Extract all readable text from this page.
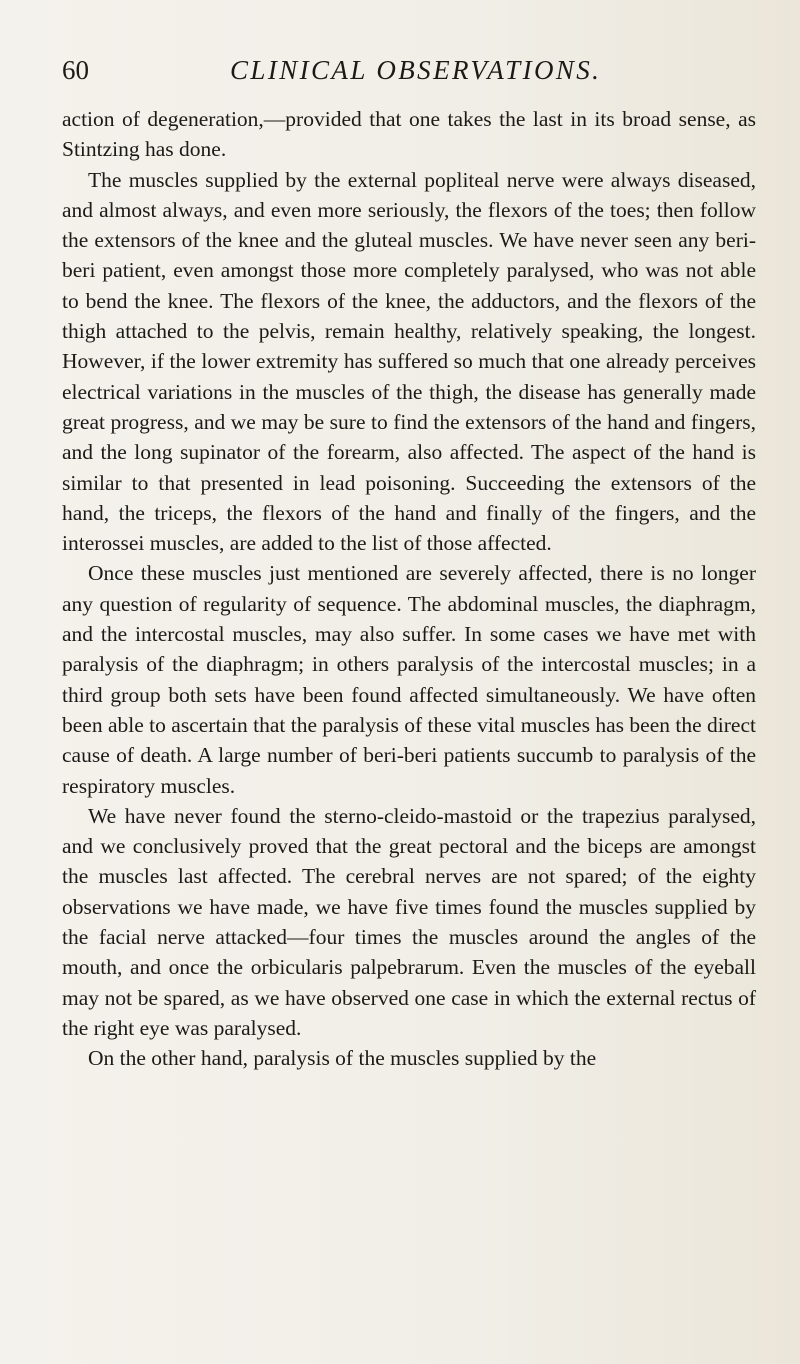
60	CLINICAL OBSERVATIONS.

action of degeneration,—provided that one takes the last in its broad sense, as Stintzing has done.

The muscles supplied by the external popliteal nerve were always diseased, and almost always, and even more seriously, the flexors of the toes; then follow the extensors of the knee and the gluteal muscles. We have never seen any beri-beri patient, even amongst those more completely paralysed, who was not able to bend the knee. The flexors of the knee, the adductors, and the flexors of the thigh attached to the pelvis, remain healthy, relatively speaking, the longest. However, if the lower extremity has suffered so much that one already perceives electrical variations in the muscles of the thigh, the disease has generally made great progress, and we may be sure to find the extensors of the hand and fingers, and the long supinator of the forearm, also affected. The aspect of the hand is similar to that presented in lead poisoning. Succeeding the extensors of the hand, the triceps, the flexors of the hand and finally of the fingers, and the interossei muscles, are added to the list of those affected.

Once these muscles just mentioned are severely affected, there is no longer any question of regularity of sequence. The abdominal muscles, the diaphragm, and the intercostal muscles, may also suffer. In some cases we have met with paralysis of the diaphragm; in others paralysis of the intercostal muscles; in a third group both sets have been found affected simultaneously. We have often been able to ascertain that the paralysis of these vital muscles has been the direct cause of death. A large number of beri-beri patients succumb to paralysis of the respiratory muscles.

We have never found the sterno-cleido-mastoid or the trapezius paralysed, and we conclusively proved that the great pectoral and the biceps are amongst the muscles last affected. The cerebral nerves are not spared; of the eighty observations we have made, we have five times found the muscles supplied by the facial nerve attacked—four times the muscles around the angles of the mouth, and once the orbicularis palpebrarum. Even the muscles of the eyeball may not be spared, as we have observed one case in which the external rectus of the right eye was paralysed.

On the other hand, paralysis of the muscles supplied by the
